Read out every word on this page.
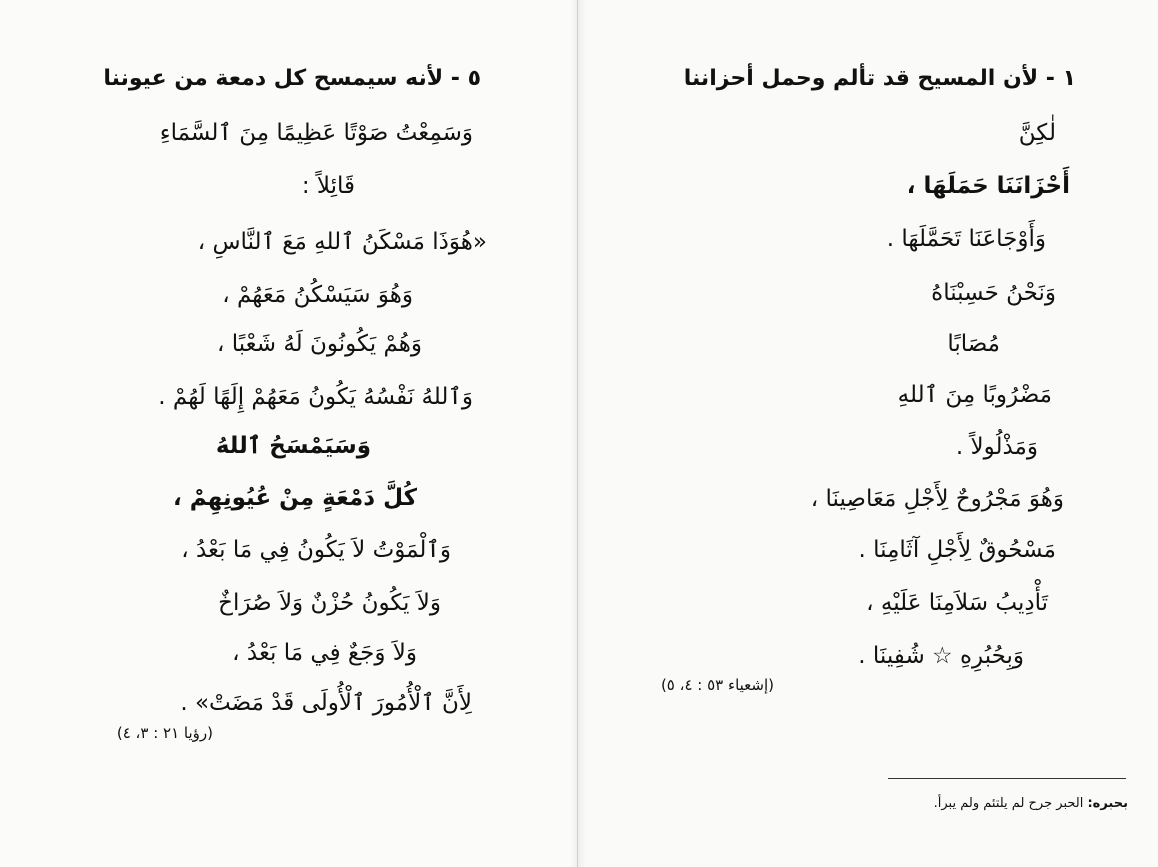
٥ - لأنه سيمسح كل دمعة من عيوننا
وَسَمِعْتُ صَوْتًا عَظِيمًا مِنَ ٱلسَّمَاءِ
قَائِلاً :
«هُوَذَا مَسْكَنُ ٱللهِ مَعَ ٱلنَّاسِ ،
وَهُوَ سَيَسْكُنُ مَعَهُمْ ،
وَهُمْ يَكُونُونَ لَهُ شَعْبًا ،
وَٱللهُ نَفْسُهُ يَكُونُ مَعَهُمْ إِلَهًا لَهُمْ .
وَسَيَمْسَحُ ٱللهُ
كُلَّ دَمْعَةٍ مِنْ عُيُونِهِمْ ،
وَٱلْمَوْتُ لاَ يَكُونُ فِي مَا بَعْدُ ،
وَلاَ يَكُونُ حُزْنٌ وَلاَ صُرَاخٌ
وَلاَ وَجَعٌ فِي مَا بَعْدُ ،
لِأَنَّ ٱلْأُمُورَ ٱلْأُولَى قَدْ مَضَتْ» .
(رؤيا ٢١ : ٣، ٤)
١ - لأن المسيح قد تألم وحمل أحزاننا
لٰكِنَّ
أَحْزَانَنَا حَمَلَهَا ،
وَأَوْجَاعَنَا تَحَمَّلَهَا .
وَنَحْنُ حَسِبْنَاهُ
مُصَابًا
مَضْرُوبًا مِنَ ٱللهِ
وَمَذْلُولاً .
وَهُوَ مَجْرُوحٌ لِأَجْلِ مَعَاصِينَا ،
مَسْحُوقٌ لِأَجْلِ آثَامِنَا .
تَأْدِيبُ سَلاَمِنَا عَلَيْهِ ،
وَبِحُبُرِهِ ☆ شُفِينَا .
(إشعياء ٥٣ : ٤، ٥)
بحبره: الحبر جرح لم يلتئم ولم يبرأ.
